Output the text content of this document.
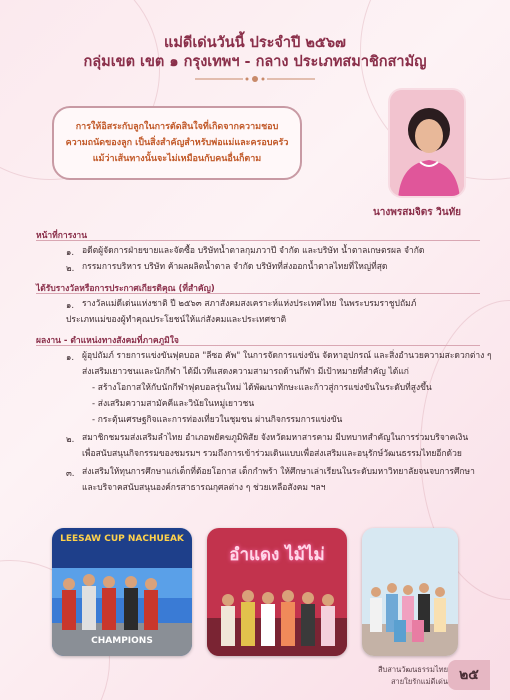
แม่ดีเด่นวันนี้ ประจำปี ๒๕๖๗
กลุ่มเขต เขต ๑ กรุงเทพฯ - กลาง ประเภทสมาชิกสามัญ
การให้อิสระกับลูกในการตัดสินใจที่เกิดจากความชอบ
ความถนัดของลูก เป็นสิ่งสำคัญสำหรับพ่อแม่และครอบครัว
แม้ว่าเส้นทางนั้นจะไม่เหมือนกับคนอื่นก็ตาม
นางพรสมจิตร วินทัย
หน้าที่การงาน
๑. อดีตผู้จัดการฝ่ายขายและจัดซื้อ บริษัทน้ำตาลกุมภวาปี จำกัด และบริษัท น้ำตาลเกษตรผล จำกัด
๒. กรรมการบริหาร บริษัท ค้าผลผลิตน้ำตาล จำกัด บริษัทที่ส่งออกน้ำตาลไทยที่ใหญ่ที่สุด
ได้รับรางวัลหรือการประกาศเกียรติคุณ (ที่สำคัญ)
๑. รางวัลแม่ดีเด่นแห่งชาติ ปี ๒๕๖๓ สภาสังคมสงเคราะห์แห่งประเทศไทย ในพระบรมราชูปถัมภ์
ประเภทแม่ของผู้ทำคุณประโยชน์ให้แก่สังคมและประเทศชาติ
ผลงาน - ตำแหน่งทางสังคมที่ภาคภูมิใจ
๑. ผู้อุปถัมภ์ รายการแข่งขันฟุตบอล "ลีซอ คัพ" ในการจัดการแข่งขัน จัดหาอุปกรณ์ และสิ่งอำนวยความสะดวกต่าง ๆ
ส่งเสริมเยาวชนและนักกีฬา ได้มีเวทีแสดงความสามารถด้านกีฬา มีเป้าหมายที่สำคัญ ได้แก่
- สร้างโอกาสให้กับนักกีฬาฟุตบอลรุ่นใหม่ ได้พัฒนาทักษะและก้าวสู่การแข่งขันในระดับที่สูงขึ้น
- ส่งเสริมความสามัคคีและวินัยในหมู่เยาวชน
- กระตุ้นเศรษฐกิจและการท่องเที่ยวในชุมชน ผ่านกิจกรรมการแข่งขัน
๒. สมาชิกชมรมส่งเสริมลำไทย อำเภอพยัคฆภูมิพิสัย จังหวัดมหาสารคาม มีบทบาทสำคัญในการร่วมบริจาคเงิน
เพื่อสนับสนุนกิจกรรมของชมรมฯ รวมถึงการเข้าร่วมเดินแบบเพื่อส่งเสริมและอนุรักษ์วัฒนธรรมไทยอีกด้วย
๓. ส่งเสริมให้ทุนการศึกษาแก่เด็กที่ด้อยโอกาส เด็กกำพร้า ให้ศึกษาเล่าเรียนในระดับมหาวิทยาลัยจนจบการศึกษา
และบริจาคสนับสนุนองค์กรสาธารณกุศลต่าง ๆ ช่วยเหลือสังคม ฯลฯ
LEESAW CUP NACHUEAK
CHAMPIONS
อำแดง ไม้ไม่
สืบสานวัฒนธรรมไทย
สายใยรักแม่ดีเด่น ๒๕
